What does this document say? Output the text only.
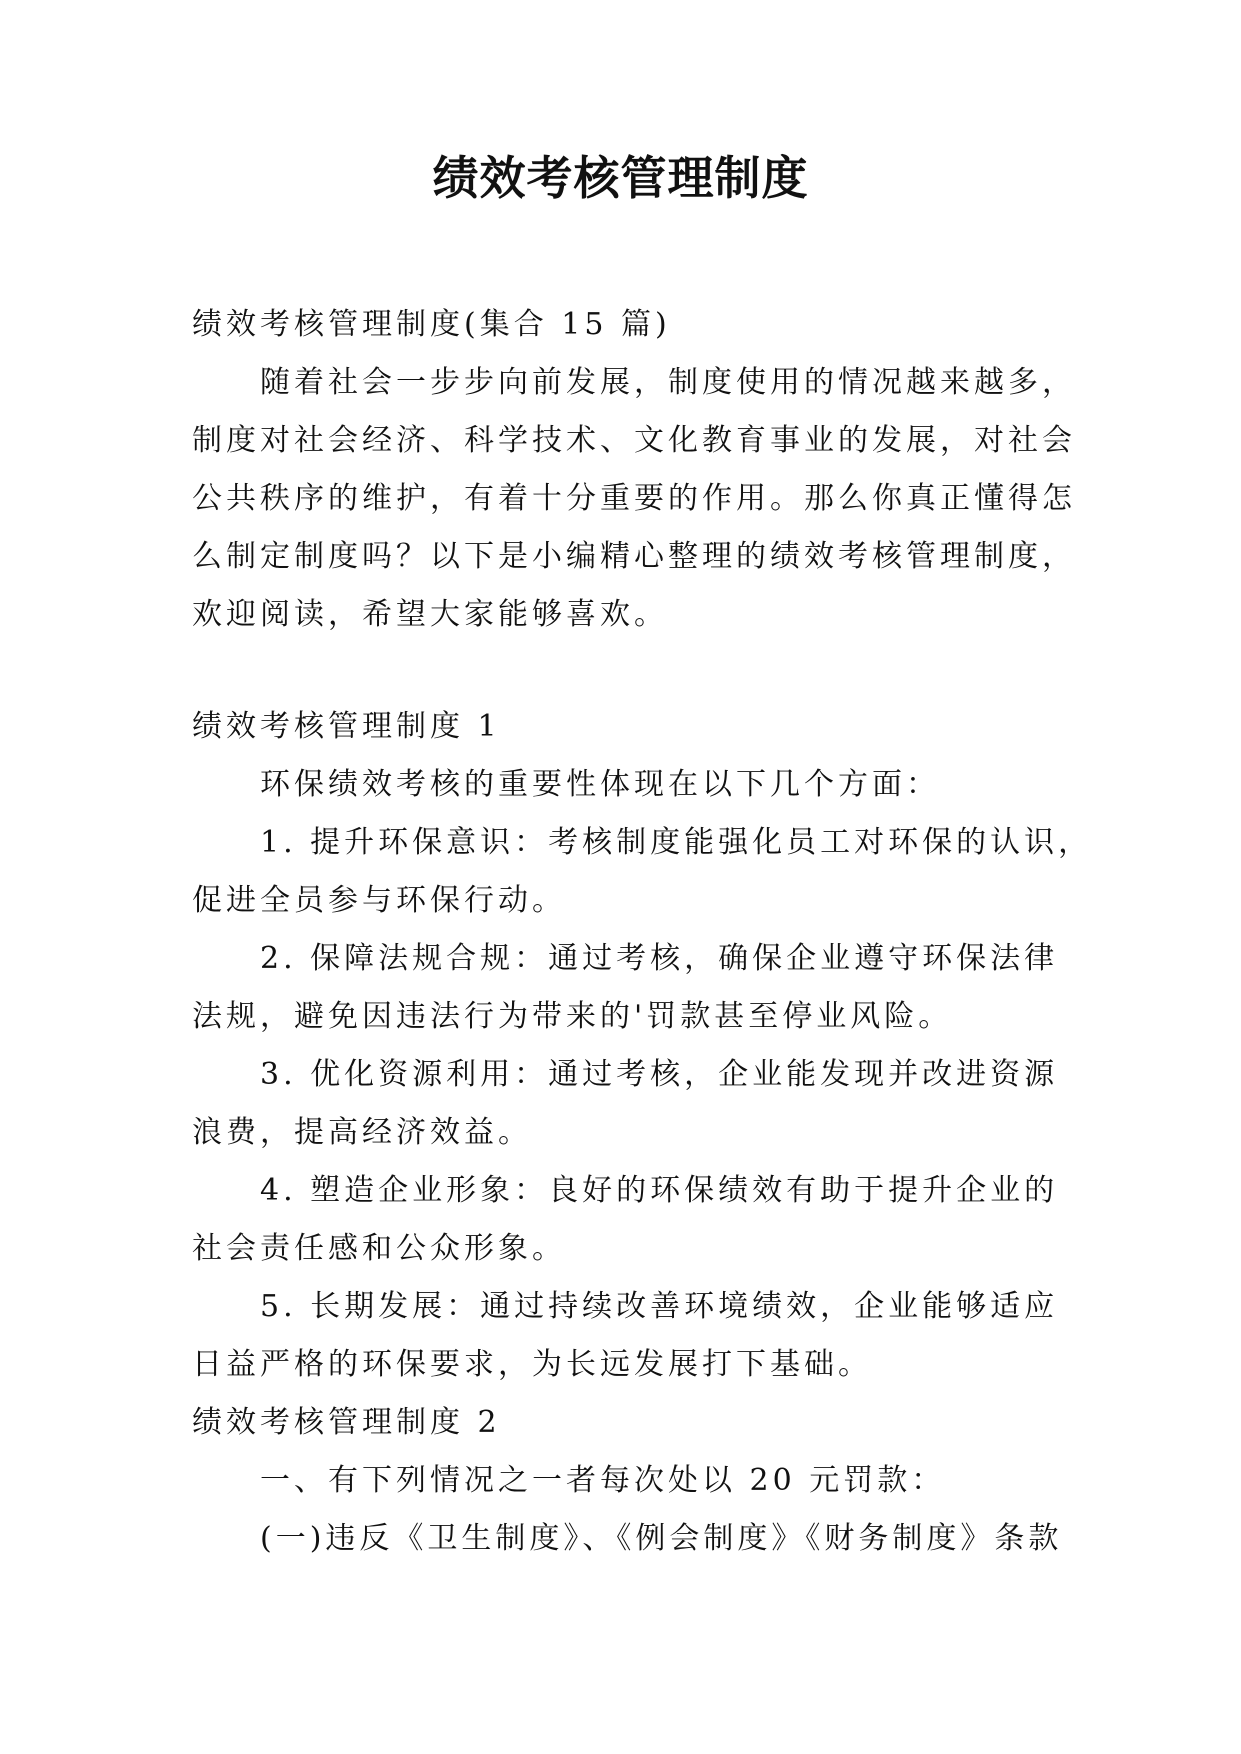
绩效考核管理制度
绩效考核管理制度(集合 15 篇)
　　随着社会一步步向前发展，制度使用的情况越来越多，
制度对社会经济、科学技术、文化教育事业的发展，对社会
公共秩序的维护，有着十分重要的作用。那么你真正懂得怎
么制定制度吗？以下是小编精心整理的绩效考核管理制度，
欢迎阅读，希望大家能够喜欢。
绩效考核管理制度 1
　　环保绩效考核的重要性体现在以下几个方面：
　　1. 提升环保意识：考核制度能强化员工对环保的认识，
促进全员参与环保行动。
　　2. 保障法规合规：通过考核，确保企业遵守环保法律
法规，避免因违法行为带来的'罚款甚至停业风险。
　　3. 优化资源利用：通过考核，企业能发现并改进资源
浪费，提高经济效益。
　　4. 塑造企业形象：良好的环保绩效有助于提升企业的
社会责任感和公众形象。
　　5. 长期发展：通过持续改善环境绩效，企业能够适应
日益严格的环保要求，为长远发展打下基础。
绩效考核管理制度 2
　　一、有下列情况之一者每次处以 20 元罚款：
　　(一)违反《卫生制度》、《例会制度》《财务制度》条款
